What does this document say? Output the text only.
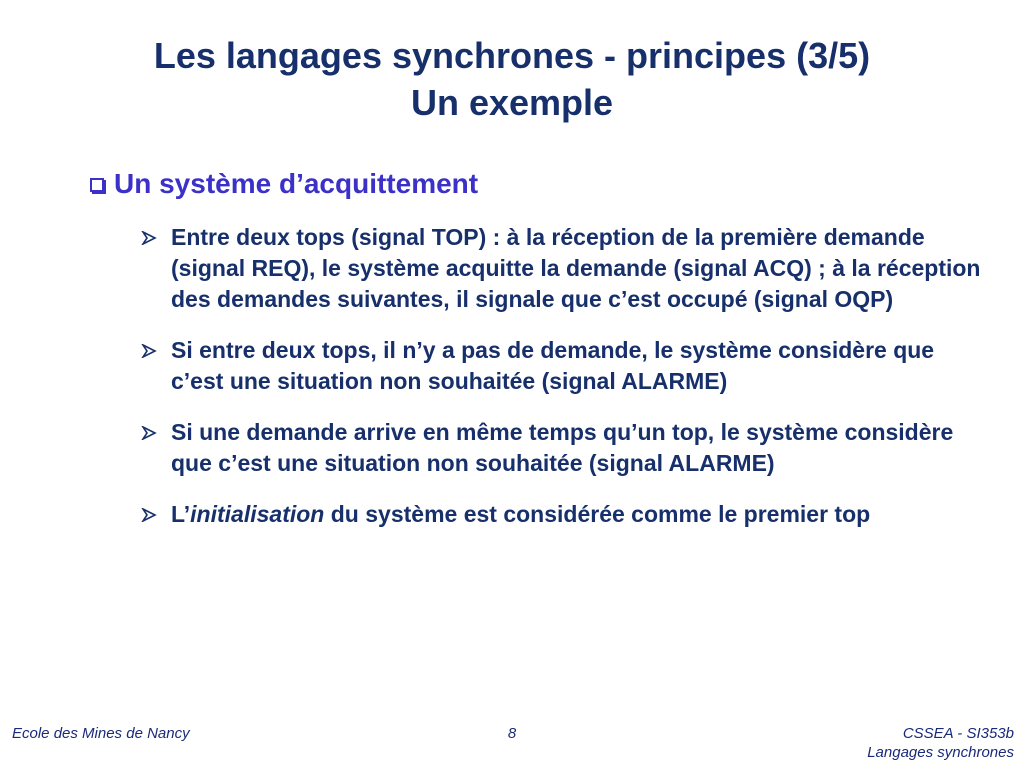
Les langages synchrones - principes (3/5)
Un exemple
Un système d’acquittement
Entre deux tops (signal TOP) : à la réception de la première demande (signal REQ), le système acquitte la demande (signal ACQ) ; à la réception des demandes suivantes, il signale que c’est occupé (signal OQP)
Si entre deux tops, il n’y a pas de demande, le système considère que c’est une situation non souhaitée (signal ALARME)
Si une demande arrive en même temps qu’un top, le système considère que c’est une situation non souhaitée (signal ALARME)
L’initialisation du système est considérée comme le premier top
Ecole des Mines de Nancy	8	CSSEA - SI353b
Langages synchrones
